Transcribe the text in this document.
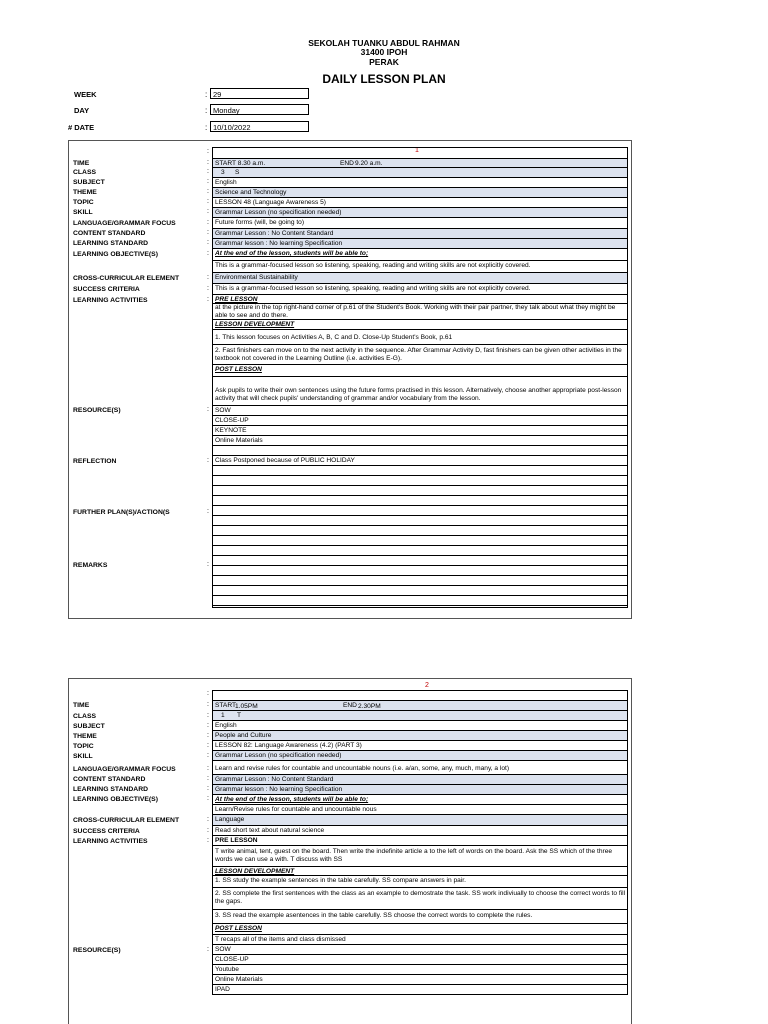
SEKOLAH TUANKU ABDUL RAHMAN
31400 IPOH
PERAK
DAILY LESSON PLAN
WEEK	: 29
DAY	: Monday
# DATE	: 10/10/2022
1
:
TIME	: START 8.30 a.m.	END 9.20 a.m.
CLASS	: 3 S
SUBJECT	: English
THEME	: Science and Technology
TOPIC	: LESSON 48 (Language Awareness 5)
SKILL	: Grammar Lesson (no specification needed)
LANGUAGE/GRAMMAR FOCUS	: Future forms (will, be going to)
CONTENT STANDARD	: Grammar Lesson : No Content Standard
LEARNING STANDARD	: Grammar lesson : No learning Specification
LEARNING OBJECTIVE(S)	: At the end of the lesson, students will be able to;
This is a grammar-focused lesson so listening, speaking, reading and writing skills are not explicitly covered.
CROSS-CURRICULAR ELEMENT	: Environmental Sustainability
SUCCESS CRITERIA	: This is a grammar-focused lesson so listening, speaking, reading and writing skills are not explicitly covered.
LEARNING ACTIVITIES	: PRE LESSON
at the picture in the top right-hand corner of p.61 of the Student's Book. Working with their pair partner, they talk about what they might be able to see and do there.
LESSON DEVELOPMENT
1. This lesson focuses on Activities A, B, C and D. Close-Up Student's Book, p.61
2. Fast finishers can move on to the next activity in the sequence. After Grammar Activity D, fast finishers can be given other activities in the textbook not covered in the Learning Outline (i.e. activities E-G).
POST LESSON
Ask pupils to write their own sentences using the future forms practised in this lesson. Alternatively, choose another appropriate post-lesson activity that will check pupils' understanding of grammar and/or vocabulary from the lesson.
RESOURCE(S)	: SOW
CLOSE-UP
KEYNOTE
Online Materials
REFLECTION	: Class Postponed because of PUBLIC HOLIDAY
FURTHER PLAN(S)/ACTION(S	:
REMARKS	:
2
:
TIME	: START
1.05PM	END 2.30PM
CLASS	: 1 T
SUBJECT	: English
THEME	: People and Culture
TOPIC	: LESSON 82: Language Awareness (4.2) (PART 3)
SKILL	: Grammar Lesson (no specification needed)
LANGUAGE/GRAMMAR FOCUS	: Learn and revise rules for countable and uncountable nouns (i.e. a/an, some, any, much, many, a lot)
CONTENT STANDARD	: Grammar Lesson : No Content Standard
LEARNING STANDARD	: Grammar lesson : No learning Specification
LEARNING OBJECTIVE(S)	: At the end of the lesson, students will be able to;
Learn/Revise rules for countable and uncountable nous
CROSS-CURRICULAR ELEMENT	: Language
SUCCESS CRITERIA	: Read short text about natural science
LEARNING ACTIVITIES	: PRE LESSON
T write animal, tent, guest on the board. Then write the indefinite article a to the left of words on the board. Ask the SS which of the three words we can use a with. T discuss with SS
LESSON DEVELOPMENT
1. SS study the example sentences in the table carefully. SS compare answers in pair.
2. SS complete the first sentences with the class as an example to demostrate the task. SS work indiviually to choose the correct words to fill the gaps.
3. SS read the example asentences in the table carefully. SS choose the correct words to complete the rules.
POST LESSON
T recaps all of the items and class dismissed
RESOURCE(S)	: SOW
CLOSE-UP
Youtube
Online Materials
IPAD
